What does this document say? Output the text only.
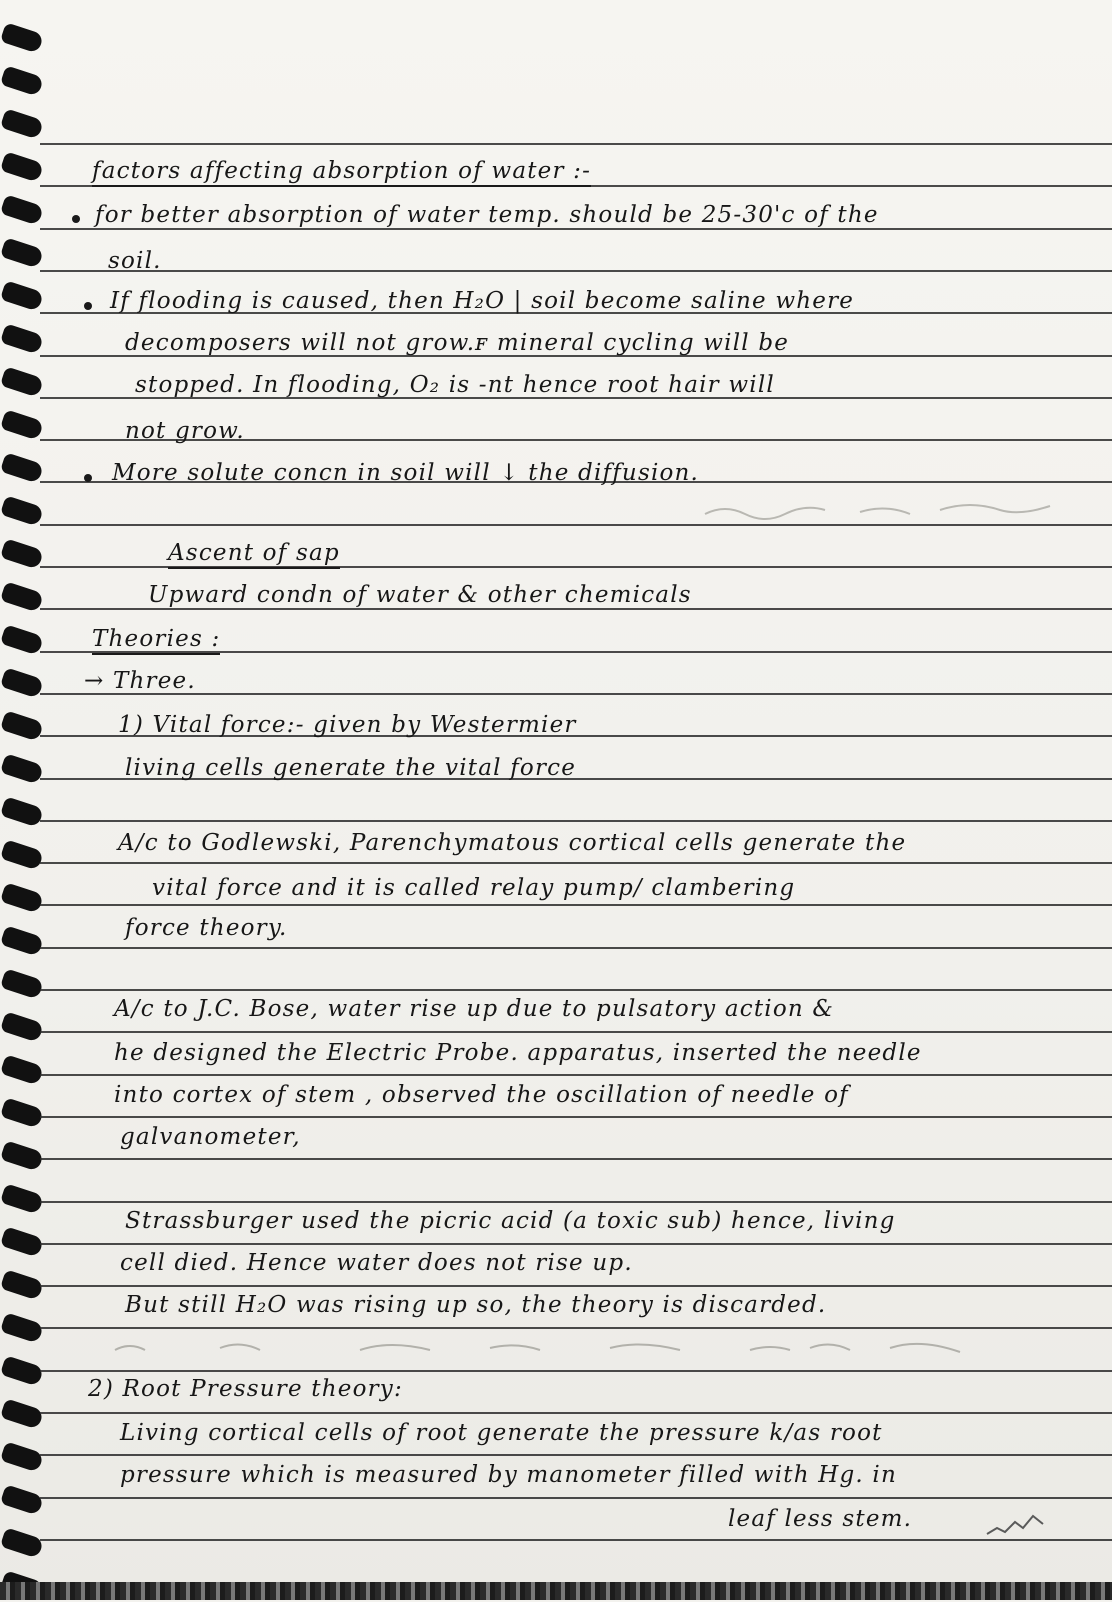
factors affecting absorption of water :-
for better absorption of water temp. should be 25-30'c of the
soil.
If flooding is caused, then H₂O | soil become saline where
decomposers will not grow.ꜰ mineral cycling will be
stopped. In flooding, O₂ is -nt hence root hair will
not grow.
More solute concn in soil will ↓ the diffusion.
Ascent of sap
Upward condn of water & other chemicals
Theories :
→ Three.
1) Vital force:- given by Westermier
living cells generate the vital force
A/c to Godlewski, Parenchymatous cortical cells generate the
vital force and it is called relay pump/ clambering
force theory.
A/c to J.C. Bose, water rise up due to pulsatory action &
he designed the Electric Probe. apparatus, inserted the needle
into cortex of stem , observed the oscillation of needle of
galvanometer,
Strassburger used the picric acid (a toxic sub) hence, living
cell died. Hence water does not rise up.
But still H₂O was rising up so, the theory is discarded.
2) Root Pressure theory:
Living cortical cells of root generate the pressure k/as root
pressure which is measured by manometer filled with Hg. in
leaf less stem.
